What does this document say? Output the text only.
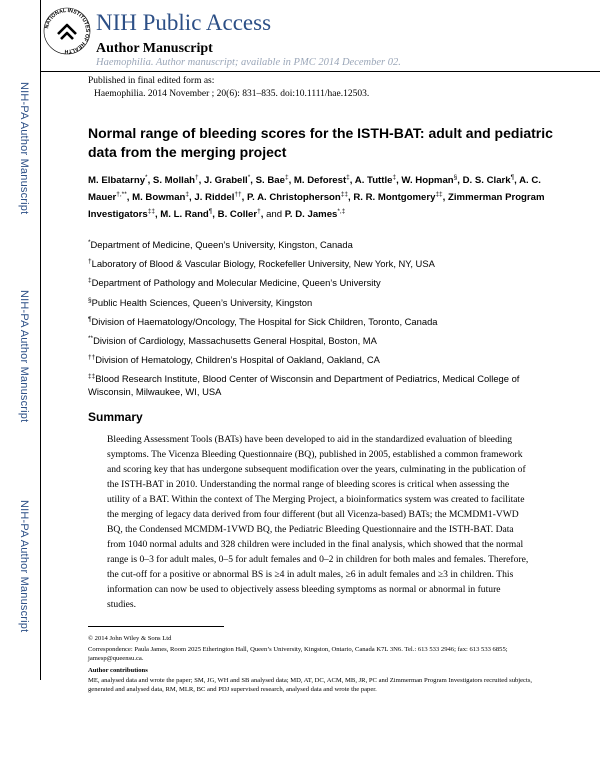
NIH-PA Author Manuscript
NIH-PA Author Manuscript
NIH-PA Author Manuscript
NATIONAL INSTITUTES OF HEALTH
NIH Public Access
Author Manuscript
Haemophilia. Author manuscript; available in PMC 2014 December 02.
Published in final edited form as:
Haemophilia. 2014 November ; 20(6): 831–835. doi:10.1111/hae.12503.
Normal range of bleeding scores for the ISTH-BAT: adult and pediatric data from the merging project
M. Elbatarny*, S. Mollah†, J. Grabell*, S. Bae‡, M. Deforest‡, A. Tuttle‡, W. Hopman§, D. S. Clark¶, A. C. Mauer†,**, M. Bowman‡, J. Riddel††, P. A. Christopherson‡‡, R. R. Montgomery‡‡, Zimmerman Program Investigators‡‡, M. L. Rand¶, B. Coller†, and P. D. James*,‡
*Department of Medicine, Queen’s University, Kingston, Canada
†Laboratory of Blood & Vascular Biology, Rockefeller University, New York, NY, USA
‡Department of Pathology and Molecular Medicine, Queen’s University
§Public Health Sciences, Queen’s University, Kingston
¶Division of Haematology/Oncology, The Hospital for Sick Children, Toronto, Canada
**Division of Cardiology, Massachusetts General Hospital, Boston, MA
††Division of Hematology, Children’s Hospital of Oakland, Oakland, CA
‡‡Blood Research Institute, Blood Center of Wisconsin and Department of Pediatrics, Medical College of Wisconsin, Milwaukee, WI, USA
Summary
Bleeding Assessment Tools (BATs) have been developed to aid in the standardized evaluation of bleeding symptoms. The Vicenza Bleeding Questionnaire (BQ), published in 2005, established a common framework and scoring key that has undergone subsequent modification over the years, culminating in the publication of the ISTH-BAT in 2010. Understanding the normal range of bleeding scores is critical when assessing the utility of a BAT. Within the context of The Merging Project, a bioinformatics system was created to facilitate the merging of legacy data derived from four different (but all Vicenza-based) BATs; the MCMDM1-VWD BQ, the Condensed MCMDM-1VWD BQ, the Pediatric Bleeding Questionnaire and the ISTH-BAT. Data from 1040 normal adults and 328 children were included in the final analysis, which showed that the normal range is 0–3 for adult males, 0–5 for adult females and 0–2 in children for both males and females. Therefore, the cut-off for a positive or abnormal BS is ≥4 in adult males, ≥6 in adult females and ≥3 in children. This information can now be used to objectively assess bleeding symptoms as normal or abnormal in future studies.
© 2014 John Wiley & Sons Ltd
Correspondence: Paula James, Room 2025 Etherington Hall, Queen’s University, Kingston, Ontario, Canada K7L 3N6. Tel.: 613 533 2946; fax: 613 533 6855; jamesp@queensu.ca.
Author contributions
ME, analysed data and wrote the paper; SM, JG, WH and SB analysed data; MD, AT, DC, ACM, MB, JR, PC and Zimmerman Program Investigators recruited subjects, generated and analysed data, RM, MLR, BC and PDJ supervised research, analysed data and wrote the paper.
